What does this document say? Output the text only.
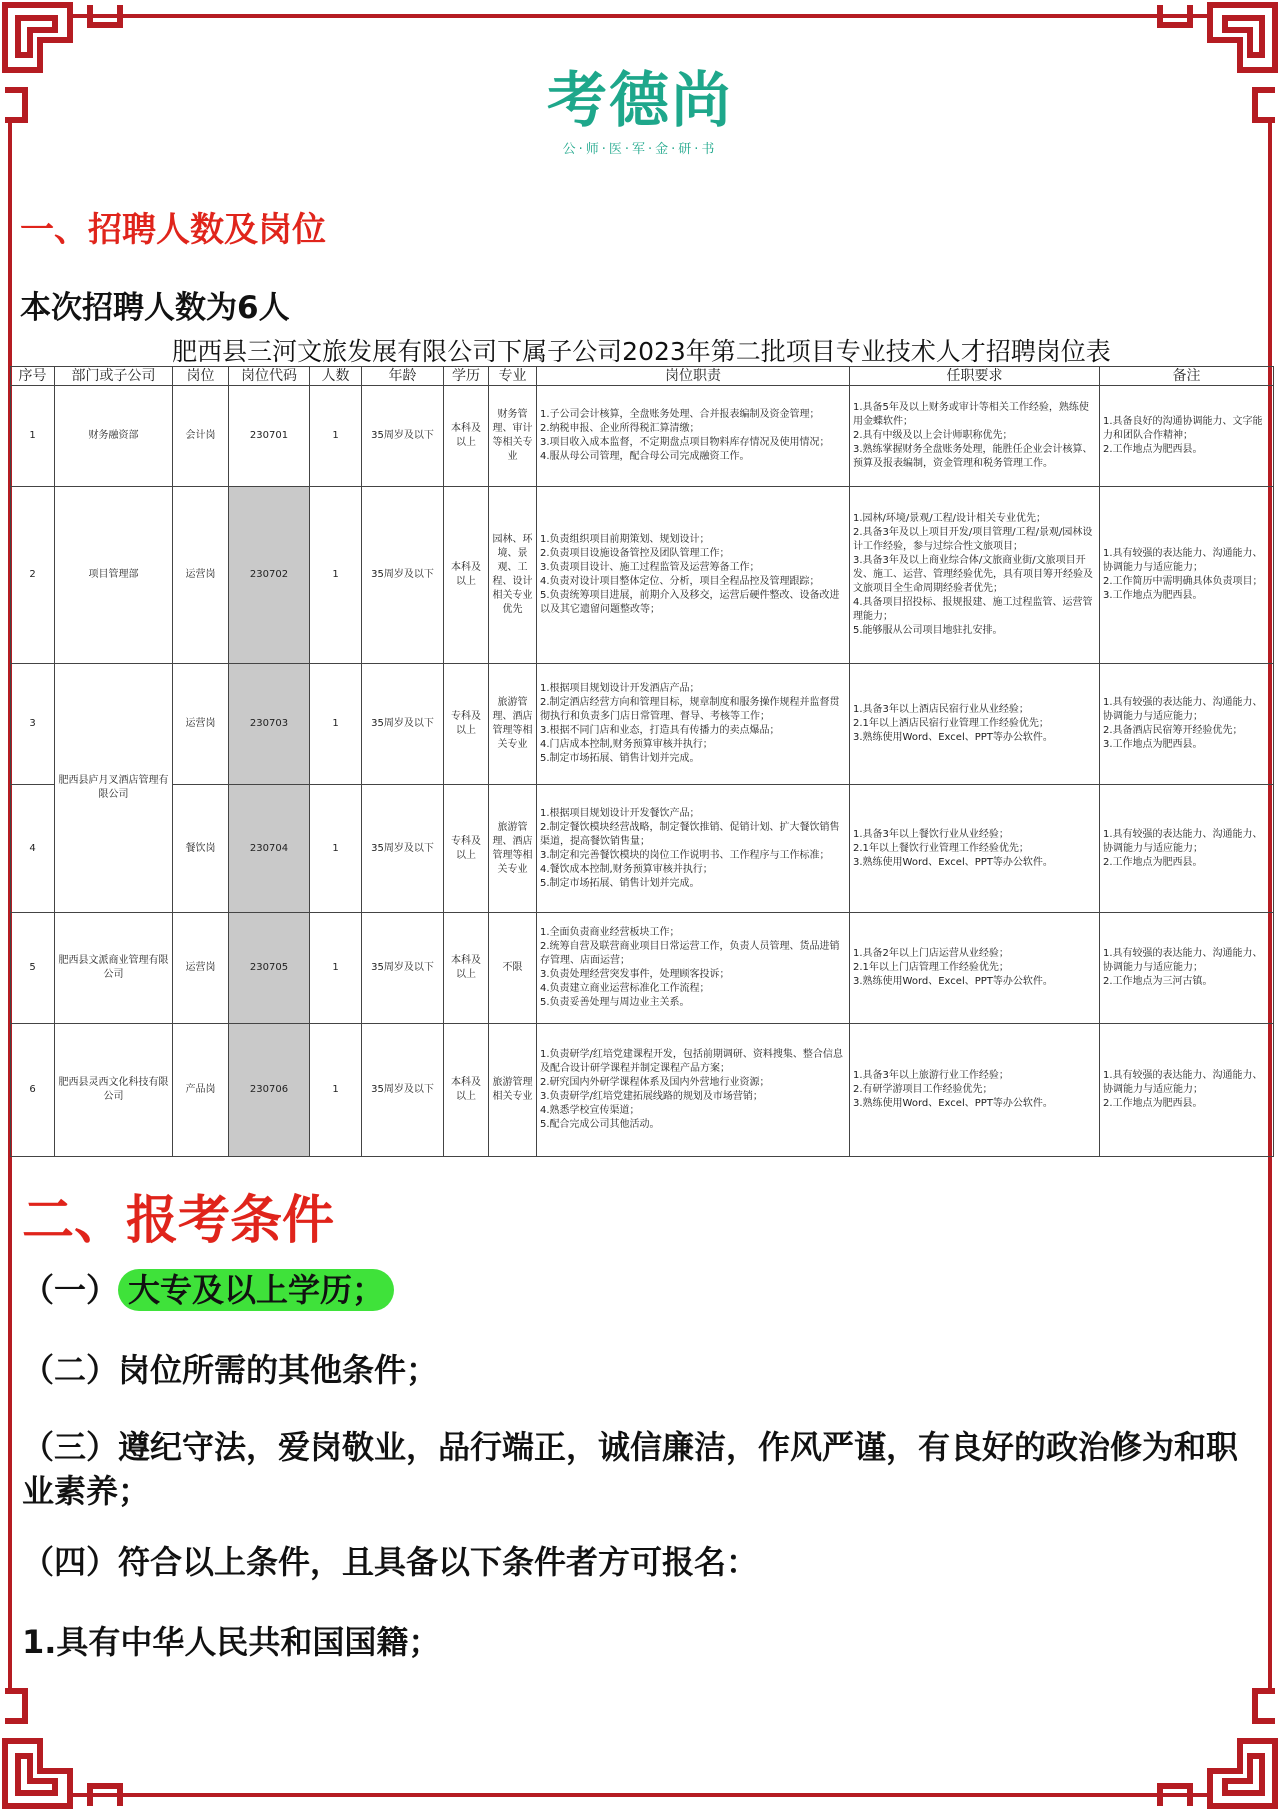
考德尚
公·师·医·军·金·研·书
一、招聘人数及岗位
本次招聘人数为6人
肥西县三河文旅发展有限公司下属子公司2023年第二批项目专业技术人才招聘岗位表
序号	部门或子公司	岗位	岗位代码	人数	年龄	学历	专业	岗位职责	任职要求	备注
1	财务融资部	会计岗	230701	1	35周岁及以下	本科及以上	财务管理、审计等相关专业	1.子公司会计核算，全盘账务处理、合并报表编制及资金管理；
2.纳税申报、企业所得税汇算清缴；
3.项目收入成本监督，不定期盘点项目物料库存情况及使用情况；
4.服从母公司管理，配合母公司完成融资工作。	1.具备5年及以上财务或审计等相关工作经验，熟练使用金蝶软件；
2.具有中级及以上会计师职称优先；
3.熟练掌握财务全盘账务处理，能胜任企业会计核算、预算及报表编制，资金管理和税务管理工作。	1.具备良好的沟通协调能力、文字能力和团队合作精神；
2.工作地点为肥西县。

2	项目管理部	运营岗	230702	1	35周岁及以下	本科及以上	园林、环境、景观、工程、设计相关专业优先	1.负责组织项目前期策划、规划设计；
2.负责项目设施设备管控及团队管理工作；
3.负责项目设计、施工过程监管及运营筹备工作；
4.负责对设计项目整体定位、分析，项目全程品控及管理跟踪；
5.负责统筹项目进展，前期介入及移交，运营后硬件整改、设备改进以及其它遗留问题整改等；	1.园林/环境/景观/工程/设计相关专业优先；
2.具备3年及以上项目开发/项目管理/工程/景观/园林设计工作经验，参与过综合性文旅项目；
3.具备3年及以上商业综合体/文旅商业街/文旅项目开发、施工、运营、管理经验优先，具有项目筹开经验及文旅项目全生命周期经验者优先；
4.具备项目招投标、报规报建、施工过程监管、运营管理能力；
5.能够服从公司项目地驻扎安排。	1.具有较强的表达能力、沟通能力、协调能力与适应能力；
2.工作简历中需明确具体负责项目；
3.工作地点为肥西县。

3	肥西县庐月叉酒店管理有限公司	运营岗	230703	1	35周岁及以下	专科及以上	旅游管理、酒店管理等相关专业	1.根据项目规划设计开发酒店产品；
2.制定酒店经营方向和管理目标，规章制度和服务操作规程并监督贯彻执行和负责多门店日常管理、督导、考核等工作；
3.根据不同门店和业态，打造具有传播力的卖点爆品；
4.门店成本控制,财务预算审核并执行；
5.制定市场拓展、销售计划并完成。	1.具备3年以上酒店民宿行业从业经验；
2.1年以上酒店民宿行业管理工作经验优先；
3.熟练使用Word、Excel、PPT等办公软件。	1.具有较强的表达能力、沟通能力、协调能力与适应能力；
2.具备酒店民宿筹开经验优先；
3.工作地点为肥西县。

4		餐饮岗	230704	1	35周岁及以下	专科及以上	旅游管理、酒店管理等相关专业	1.根据项目规划设计开发餐饮产品；
2.制定餐饮模块经营战略，制定餐饮推销、促销计划、扩大餐饮销售渠道，提高餐饮销售量；
3.制定和完善餐饮模块的岗位工作说明书、工作程序与工作标准；
4.餐饮成本控制,财务预算审核并执行；
5.制定市场拓展、销售计划并完成。	1.具备3年以上餐饮行业从业经验；
2.1年以上餐饮行业管理工作经验优先；
3.熟练使用Word、Excel、PPT等办公软件。	1.具有较强的表达能力、沟通能力、协调能力与适应能力；
2.工作地点为肥西县。

5	肥西县文派商业管理有限公司	运营岗	230705	1	35周岁及以下	本科及以上	不限	1.全面负责商业经营板块工作；
2.统筹自营及联营商业项目日常运营工作，负责人员管理、货品进销存管理、店面运营；
3.负责处理经营突发事件，处理顾客投诉；
4.负责建立商业运营标准化工作流程；
5.负责妥善处理与周边业主关系。	1.具备2年以上门店运营从业经验；
2.1年以上门店管理工作经验优先；
3.熟练使用Word、Excel、PPT等办公软件。	1.具有较强的表达能力、沟通能力、协调能力与适应能力；
2.工作地点为三河古镇。

6	肥西县灵西文化科技有限公司	产品岗	230706	1	35周岁及以下	本科及以上	旅游管理相关专业	1.负责研学/红培党建课程开发，包括前期调研、资料搜集、整合信息及配合设计研学课程并制定课程产品方案；
2.研究国内外研学课程体系及国内外营地行业资源；
3.负责研学/红培党建拓展线路的规划及市场营销；
4.熟悉学校宣传渠道；
5.配合完成公司其他活动。	1.具备3年以上旅游行业工作经验；
2.有研学游项目工作经验优先；
3.熟练使用Word、Excel、PPT等办公软件。	1.具有较强的表达能力、沟通能力、协调能力与适应能力；
2.工作地点为肥西县。
二、报考条件
（一） 大专及以上学历；
（二）岗位所需的其他条件；
（三）遵纪守法，爱岗敬业，品行端正，诚信廉洁，作风严谨，有良好的政治修为和职业素养；
（四）符合以上条件，且具备以下条件者方可报名：
1.具有中华人民共和国国籍；
